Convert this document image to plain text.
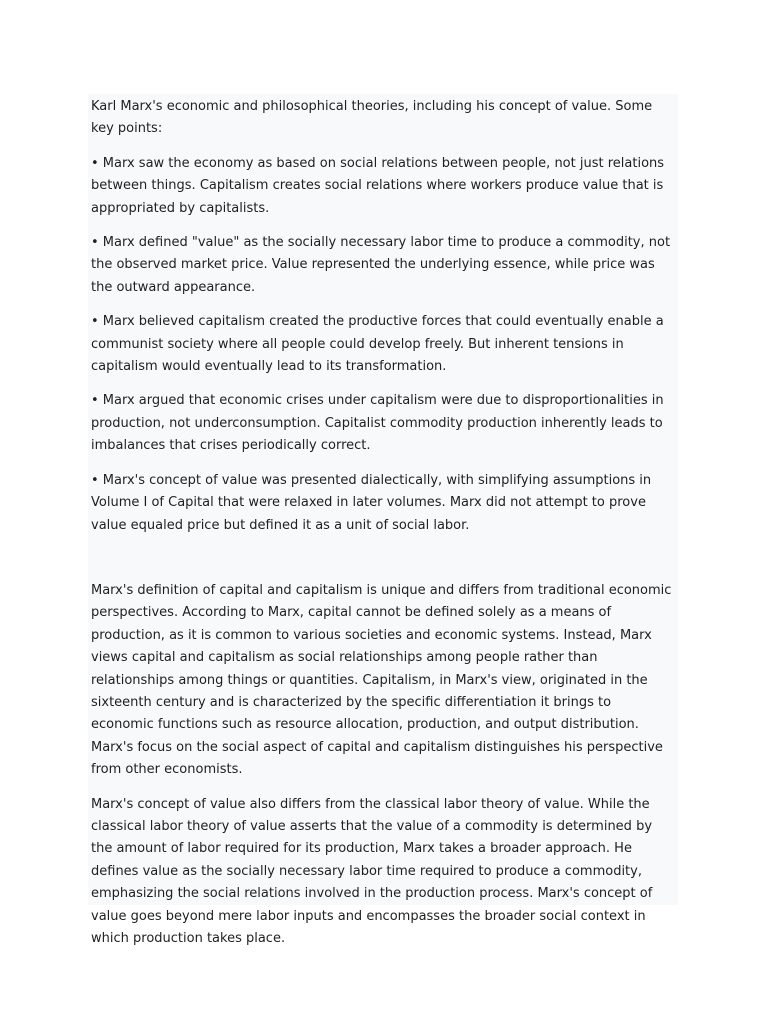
Karl Marx's economic and philosophical theories, including his concept of value. Some key points:

• Marx saw the economy as based on social relations between people, not just relations between things. Capitalism creates social relations where workers produce value that is appropriated by capitalists.

• Marx defined "value" as the socially necessary labor time to produce a commodity, not the observed market price. Value represented the underlying essence, while price was the outward appearance.

• Marx believed capitalism created the productive forces that could eventually enable a communist society where all people could develop freely. But inherent tensions in capitalism would eventually lead to its transformation.

• Marx argued that economic crises under capitalism were due to disproportionalities in production, not underconsumption. Capitalist commodity production inherently leads to imbalances that crises periodically correct.

• Marx's concept of value was presented dialectically, with simplifying assumptions in Volume I of Capital that were relaxed in later volumes. Marx did not attempt to prove value equaled price but defined it as a unit of social labor.

Marx's definition of capital and capitalism is unique and differs from traditional economic perspectives. According to Marx, capital cannot be defined solely as a means of production, as it is common to various societies and economic systems. Instead, Marx views capital and capitalism as social relationships among people rather than relationships among things or quantities. Capitalism, in Marx's view, originated in the sixteenth century and is characterized by the specific differentiation it brings to economic functions such as resource allocation, production, and output distribution. Marx's focus on the social aspect of capital and capitalism distinguishes his perspective from other economists.

Marx's concept of value also differs from the classical labor theory of value. While the classical labor theory of value asserts that the value of a commodity is determined by the amount of labor required for its production, Marx takes a broader approach. He defines value as the socially necessary labor time required to produce a commodity, emphasizing the social relations involved in the production process. Marx's concept of value goes beyond mere labor inputs and encompasses the broader social context in which production takes place.
